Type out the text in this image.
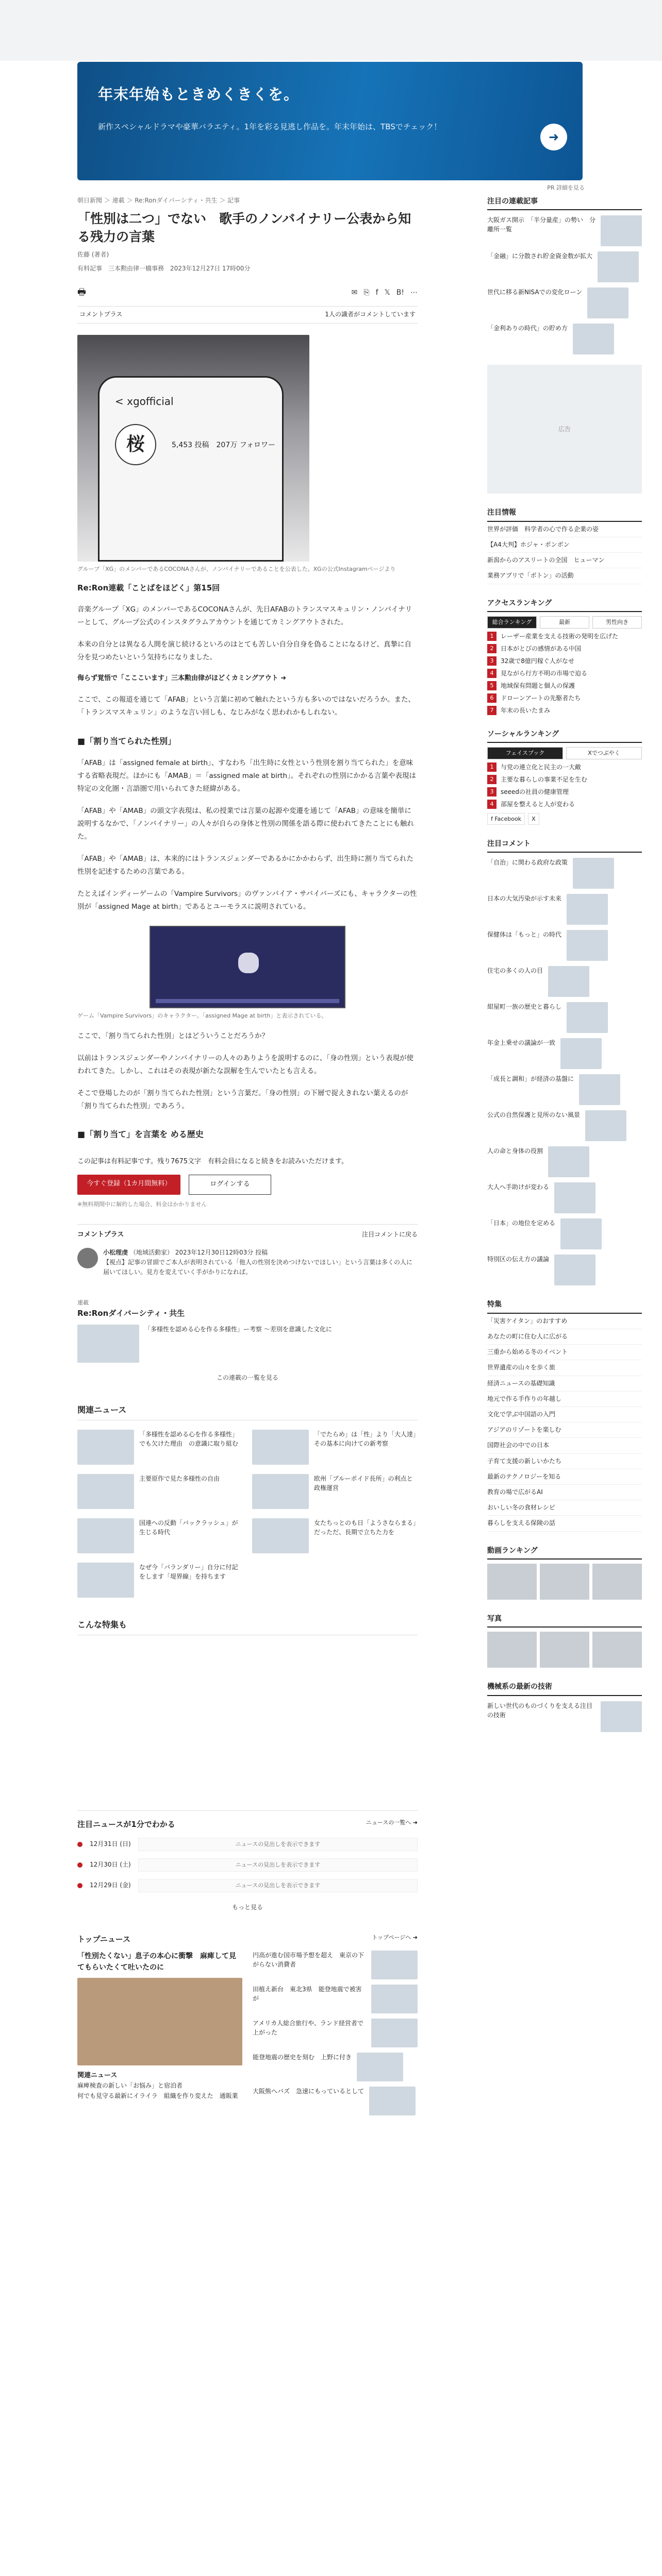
年末年始もときめくきくを。

新作スペシャルドラマや豪華バラエティ。1年を彩る見逃し作品を。年末年始は、TBSでチェック！

➜
PR 詳細を見る
朝日新聞 ＞ 連載 ＞ Re:Ronダイバーシティ・共生 ＞ 記事
「性別は二つ」でない　歌手のノンバイナリー公表から知る残力の言葉
佐藤 (著者)
有料記事　三本勲由律一橋事務　2023年12月27日 17時00分
🖶	✉ ⎘ f 𝕏 B! ⋯
コメントプラス	1人の識者がコメントしています
< xgofficial
桜	5,453 投稿　207万 フォロワー
グループ「XG」のメンバーであるCOCONAさんが、ノンバイナリーであることを公表した。XGの公式Instagramページより
Re:Ron連載「ことばをほどく」第15回

音楽グループ「XG」のメンバーであるCOCONAさんが、先日AFABのトランスマスキュリン・ノンバイナリーとして、グループ公式のインスタグラムアカウントを通じてカミングアウトされた。

本来の自分とは異なる人間を演じ続けるといろのはとても苦しい自分自身を偽ることになるけど、真摯に自分を見つめたいという気持ちになりました。

侮らず覚悟で「こここいます」三本勲由律がほどくカミングアウト ➜

ここで、この報道を通じて「AFAB」という言葉に初めて触れたという方も多いのではないだろうか。また、「トランスマスキュリン」のような言い回しも、なじみがなく思われかもしれない。

■「割り当てられた性別」

「AFAB」は「assigned female at birth」、すなわち「出生時に女性という性別を割り当てられた」を意味する省略表現だ。ほかにも「AMAB」＝「assigned male at birth」。それぞれの性別にかかる言葉や表現は特定の文化圏・言語圏で用いられてきた経緯がある。

「AFAB」や「AMAB」の頭文字表現は、私の授業では言葉の起源や変遷を通じて「AFAB」の意味を簡単に説明するなかで、「ノンバイナリー」の人々が自らの身体と性別の関係を語る際に使われてきたことにも触れた。

「AFAB」や「AMAB」は、本来的にはトランスジェンダーであるかにかかわらず、出生時に割り当てられた性別を記述するための言葉である。

たとえばインディーゲームの「Vampire Survivors」のヴァンパイア・サバイバーズにも、キャラクターの性別が「assigned Mage at birth」であるとユーモラスに説明されている。

ゲーム「Vampire Survivors」のキャラクター。「assigned Mage at birth」と表示されている。

ここで、「割り当てられた性別」とはどういうことだろうか？

以前はトランスジェンダーやノンバイナリーの人々のありようを説明するのに、「身の性別」という表現が使われてきた。しかし、これはその表現が新たな誤解を生んでいたとも言える。

そこで登場したのが「割り当てられた性別」という言葉だ。「身の性別」の下層で捉えきれない葉えるのが「割り当てられた性別」であろう。

■「割り当て」を言葉を める歴史
この記事は有料記事です。残り7675文字　有料会員になると続きをお読みいただけます。
今すぐ登録（1カ月間無料）	ログインする
※無料期間中に解約した場合、料金はかかりません
コメントプラス	注目コメントに戻る
小松理虔 （地域活動家） 2023年12月30日12時03分 投稿
【視点】記事の冒頭でご本人が表明されている「他人の性別を決めつけないでほしい」という言葉は多くの人に届いてほしい。見方を変えていく手がかりになれば。
連載
Re:Ronダイバーシティ・共生
「多様性を認める心を作る多様性」ー考察 〜差別を意識した文化に
この連載の一覧を見る
関連ニュース
「多様性を認める心を作る多様性」でも欠けた理由　の意識に取り組む
「でたらめ」は「性」より「大人達」その基本に向けての新考察
主要原作で見た多様性の自由	欧州「ブルーポイド長所」の利点と政権運営
国連への反動「バックラッシュ」が生じる時代
女たちっとのも日「ようさならまる」だっただ、長期で立ちた力を
なぜ今「パランダリー」自分に付記をします「堤界線」を持ちます
こんな特集も
注目ニュースが1分でわかる	ニュースの一覧へ ➜
12月31日 (日)	ニュースの見出しを表示できます
12月30日 (土)	ニュースの見出しを表示できます
12月29日 (金)	ニュースの見出しを表示できます
もっと見る
トップニュース	トップページへ ➜
「性別たくない」息子の本心に衝撃　麻痺して見てもらいたくて吐いたのに
関連ニュース
麻痺検査の新しい「お悩み」と宿泊者
何でも見守る最新にイライラ　組織を作り変えた　通販業
円高が進む国市場予想を超え　東京の下がらない消費者
田植え新台　東北3県　能登地震で被害が
アメリカ人総合旅行や、ランド経営者で上がった
能登地震の歴史を刻む　上野に付き
大阪熊へバズ　急速にもっているとして
注目の連載記事
大阪ガス開示　「半分量産」の勢い　分離所一覧
「金融」に分散され貯金資金数が拡大
世代に移る新NISAでの変化ローン
「金利ありの時代」の貯め方
広告
注目情報
世界が評価　科学者の心で作る企業の姿
【A4大判】ホジャ・ポンポン
新潟からのアスリートの全国　ヒューマン
業務アプリで「ボトン」の活動　
アクセスランキング
総合ランキング	最新	男性向き
1	レーザー産業を支える技術の発明を広げた
2	日本がとびの感情がある中国
3	32歳で8億円稼ぐ人がなせ
4	見ながら行方不明の市場で迫る
5	地域保有問題と個人の保護
6	ドローンアートの先駆者たち
7	年末の長いたまみ
ソーシャルランキング
フェイスブック	Xでつぶやく
1	与党の連立化と民主の一大敵
2	主要な暮らしの事業不足を生む
3	seeedの社員の健康管理
4	部屋を整えると人が変わる
f Facebook	X
注目コメント
「自治」に関わる政府な政策
日本の大気汚染が示す未来
保健体は「もっと」の時代
住宅の多くの人の目
紺屋町一族の歴史と暮らし
年金上乗せの議論が一致
「成長と調和」が経済の基盤に
公式の自然保護と見所のない風景
人の命と身体の役割
大人へ手助けが変わる
「日本」の地位を定める
特別区の伝え方の議論
特集
「災害ケイタン」のおすすめ
あなたの町に住む人に広がる
三重から始める冬のイベント
世界遺産の山々を歩く旅
経済ニュースの基礎知識
地元で作る手作りの年越し
文化で学ぶ中国語の入門
アジアのリゾートを楽しむ
国際社会の中での日本
子育て支援の新しいかたち
最新のテクノロジーを知る
教育の場で広がるAI
おいしい冬の食材レシピ
暮らしを支える保険の話
動画ランキング
写真
機械系の最新の技術
新しい世代のものづくりを支える注目の技術
